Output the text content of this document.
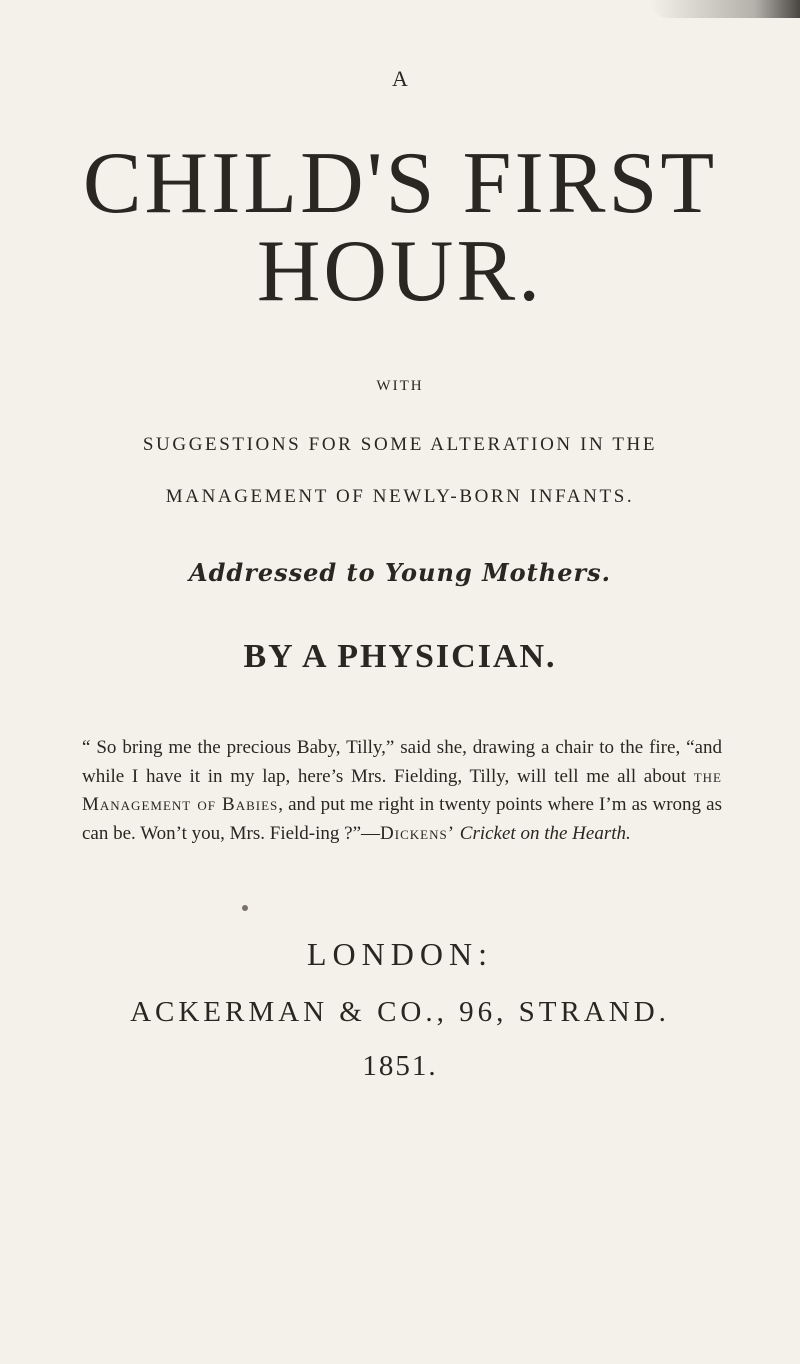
A

CHILD'S FIRST HOUR.

WITH

SUGGESTIONS FOR SOME ALTERATION IN THE

MANAGEMENT OF NEWLY-BORN INFANTS.

Addressed to Young Mothers.

BY A PHYSICIAN.

“ So bring me the precious Baby, Tilly,” said she, drawing a chair to the fire, “and while I have it in my lap, here’s Mrs. Fielding, Tilly, will tell me all about the Management of Babies, and put me right in twenty points where I’m as wrong as can be. Won’t you, Mrs. Field-ing ?”—Dickens’ Cricket on the Hearth.

LONDON:

ACKERMAN & CO., 96, STRAND.

1851.
